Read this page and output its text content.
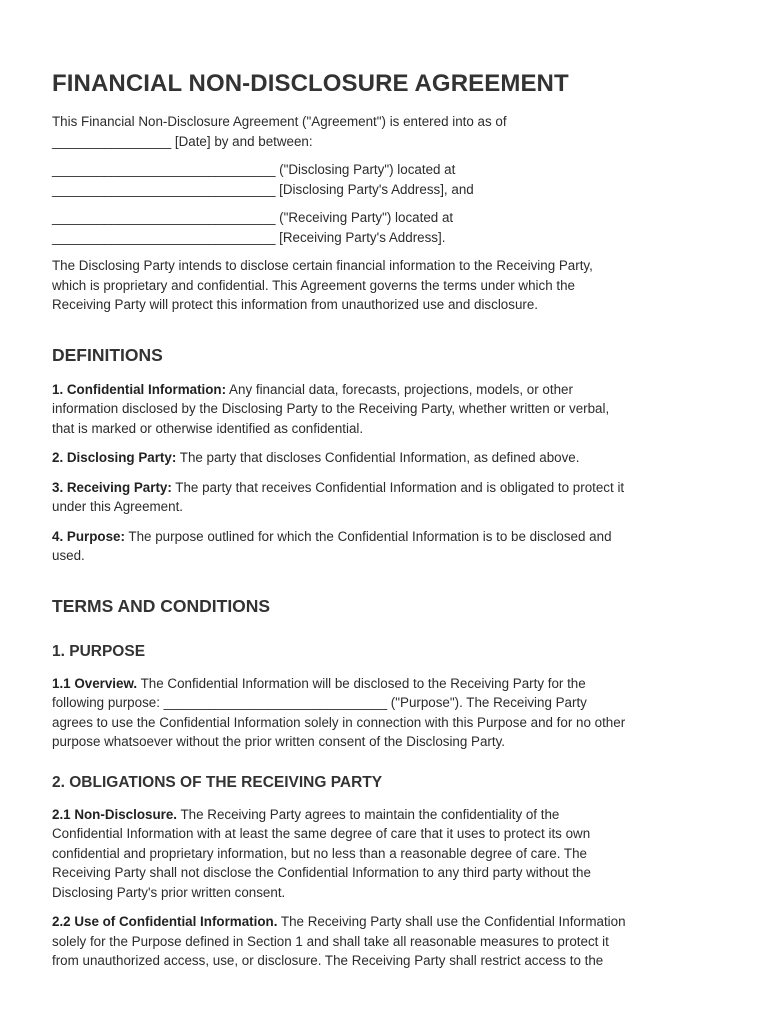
FINANCIAL NON-DISCLOSURE AGREEMENT

This Financial Non-Disclosure Agreement ("Agreement") is entered into as of
________________ [Date] by and between:

______________________________ ("Disclosing Party") located at
______________________________ [Disclosing Party's Address], and

______________________________ ("Receiving Party") located at
______________________________ [Receiving Party's Address].

The Disclosing Party intends to disclose certain financial information to the Receiving Party,
which is proprietary and confidential. This Agreement governs the terms under which the
Receiving Party will protect this information from unauthorized use and disclosure.

DEFINITIONS

1. Confidential Information: Any financial data, forecasts, projections, models, or other
information disclosed by the Disclosing Party to the Receiving Party, whether written or verbal,
that is marked or otherwise identified as confidential.

2. Disclosing Party: The party that discloses Confidential Information, as defined above.

3. Receiving Party: The party that receives Confidential Information and is obligated to protect it
under this Agreement.

4. Purpose: The purpose outlined for which the Confidential Information is to be disclosed and
used.

TERMS AND CONDITIONS
1. PURPOSE

1.1 Overview. The Confidential Information will be disclosed to the Receiving Party for the
following purpose: ______________________________ ("Purpose"). The Receiving Party
agrees to use the Confidential Information solely in connection with this Purpose and for no other
purpose whatsoever without the prior written consent of the Disclosing Party.

2. OBLIGATIONS OF THE RECEIVING PARTY

2.1 Non-Disclosure. The Receiving Party agrees to maintain the confidentiality of the
Confidential Information with at least the same degree of care that it uses to protect its own
confidential and proprietary information, but no less than a reasonable degree of care. The
Receiving Party shall not disclose the Confidential Information to any third party without the
Disclosing Party's prior written consent.

2.2 Use of Confidential Information. The Receiving Party shall use the Confidential Information
solely for the Purpose defined in Section 1 and shall take all reasonable measures to protect it
from unauthorized access, use, or disclosure. The Receiving Party shall restrict access to the
